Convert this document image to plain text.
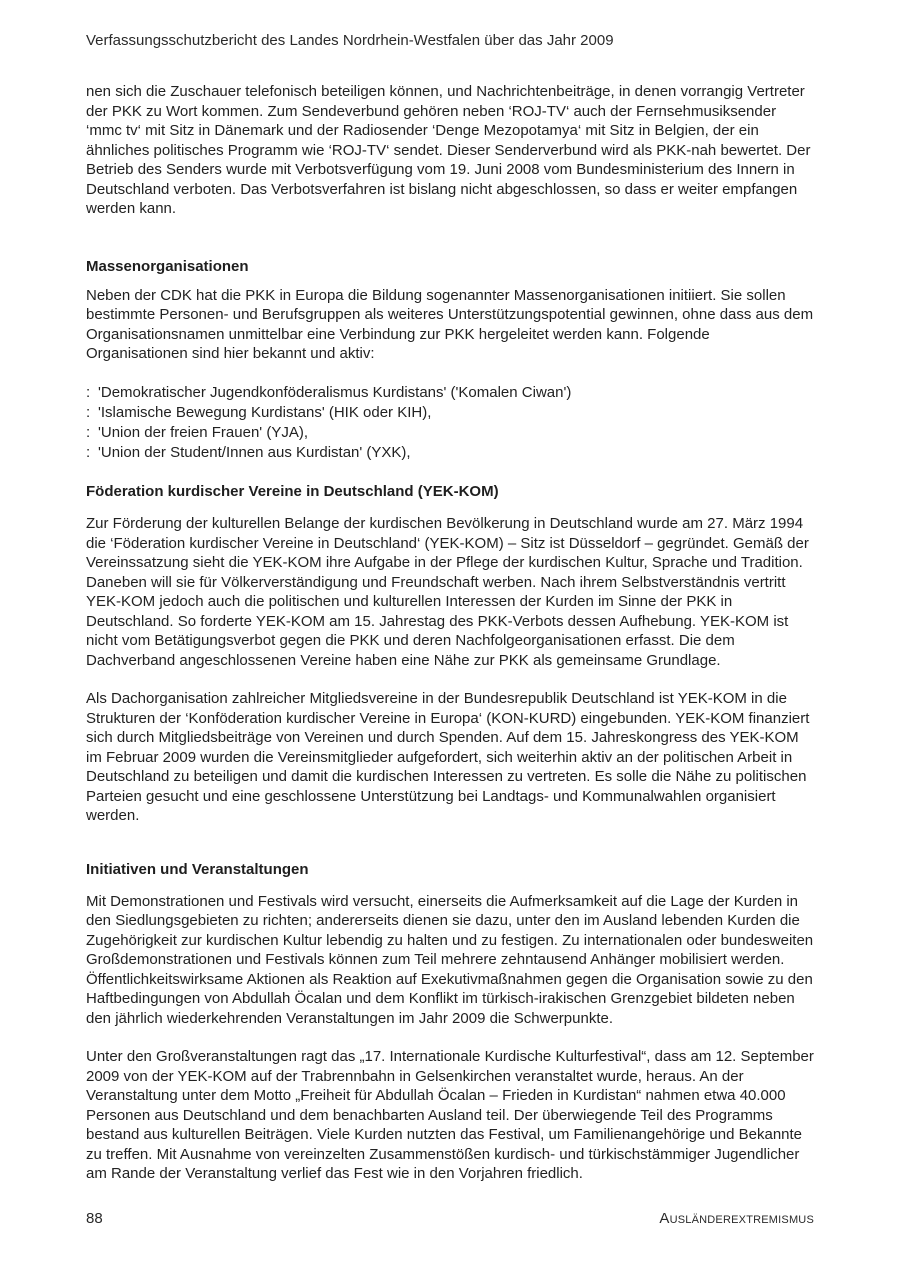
Verfassungsschutzbericht des Landes Nordrhein-Westfalen über das Jahr 2009

nen sich die Zuschauer telefonisch beteiligen können, und Nachrichtenbeiträge, in denen vorrangig Vertreter der PKK zu Wort kommen. Zum Sendeverbund gehören neben ‘ROJ-TV‘ auch der Fernsehmusiksender ‘mmc tv‘ mit Sitz in Dänemark und der Radiosender ‘Denge Mezopotamya‘ mit Sitz in Belgien, der ein ähnliches politisches Programm wie ‘ROJ-TV‘ sendet. Dieser Senderverbund wird als PKK-nah bewertet. Der Betrieb des Senders wurde mit Verbotsverfügung vom 19. Juni 2008 vom Bundesministerium des Innern in Deutschland verboten. Das Verbotsverfahren ist bislang nicht abgeschlossen, so dass er weiter empfangen werden kann.

Massenorganisationen

Neben der CDK hat die PKK in Europa die Bildung sogenannter Massenorganisationen initiiert. Sie sollen bestimmte Personen- und Berufsgruppen als weiteres Unterstützungspotential gewinnen, ohne dass aus dem Organisationsnamen unmittelbar eine Verbindung zur PKK hergeleitet werden kann. Folgende Organisationen sind hier bekannt und aktiv:

: 'Demokratischer Jugendkonföderalismus Kurdistans' ('Komalen Ciwan')
: 'Islamische Bewegung Kurdistans' (HIK oder KIH),
: 'Union der freien Frauen' (YJA),
: 'Union der Student/Innen aus Kurdistan' (YXK),
Föderation kurdischer Vereine in Deutschland (YEK-KOM)

Zur Förderung der kulturellen Belange der kurdischen Bevölkerung in Deutschland wurde am 27. März 1994 die ‘Föderation kurdischer Vereine in Deutschland‘ (YEK-KOM) – Sitz ist Düsseldorf – gegründet. Gemäß der Vereinssatzung sieht die YEK-KOM ihre Aufgabe in der Pflege der kurdischen Kultur, Sprache und Tradition. Daneben will sie für Völkerverständigung und Freundschaft werben. Nach ihrem Selbstverständnis vertritt YEK-KOM jedoch auch die politischen und kulturellen Interessen der Kurden im Sinne der PKK in Deutschland. So forderte YEK-KOM am 15. Jahrestag des PKK-Verbots dessen Aufhebung. YEK-KOM ist nicht vom Betätigungsverbot gegen die PKK und deren Nachfolgeorganisationen erfasst. Die dem Dachverband angeschlossenen Vereine haben eine Nähe zur PKK als gemeinsame Grundlage.

Als Dachorganisation zahlreicher Mitgliedsvereine in der Bundesrepublik Deutschland ist YEK-KOM in die Strukturen der ‘Konföderation kurdischer Vereine in Europa‘ (KON-KURD) eingebunden. YEK-KOM finanziert sich durch Mitgliedsbeiträge von Vereinen und durch Spenden. Auf dem 15. Jahreskongress des YEK-KOM im Februar 2009 wurden die Vereinsmitglieder aufgefordert, sich weiterhin aktiv an der politischen Arbeit in Deutschland zu beteiligen und damit die kurdischen Interessen zu vertreten. Es solle die Nähe zu politischen Parteien gesucht und eine geschlossene Unterstützung bei Landtags- und Kommunalwahlen organisiert werden.

Initiativen und Veranstaltungen

Mit Demonstrationen und Festivals wird versucht, einerseits die Aufmerksamkeit auf die Lage der Kurden in den Siedlungsgebieten zu richten; andererseits dienen sie dazu, unter den im Ausland lebenden Kurden die Zugehörigkeit zur kurdischen Kultur lebendig zu halten und zu festigen. Zu internationalen oder bundesweiten Großdemonstrationen und Festivals können zum Teil mehrere zehntausend Anhänger mobilisiert werden. Öffentlichkeitswirksame Aktionen als Reaktion auf Exekutivmaßnahmen gegen die Organisation sowie zu den Haftbedingungen von Abdullah Öcalan und dem Konflikt im türkisch-irakischen Grenzgebiet bildeten neben den jährlich wiederkehrenden Veranstaltungen im Jahr 2009 die Schwerpunkte.

Unter den Großveranstaltungen ragt das „17. Internationale Kurdische Kulturfestival“, dass am 12. September 2009 von der YEK-KOM auf der Trabrennbahn in Gelsenkirchen veranstaltet wurde, heraus. An der Veranstaltung unter dem Motto „Freiheit für Abdullah Öcalan – Frieden in Kurdistan“ nahmen etwa 40.000 Personen aus Deutschland und dem benachbarten Ausland teil. Der überwiegende Teil des Programms bestand aus kulturellen Beiträgen. Viele Kurden nutzten das Festival, um Familienangehörige und Bekannte zu treffen. Mit Ausnahme von vereinzelten Zusammenstößen kurdisch- und türkischstämmiger Jugendlicher am Rande der Veranstaltung verlief das Fest wie in den Vorjahren friedlich.

88	Ausländerextremismus
